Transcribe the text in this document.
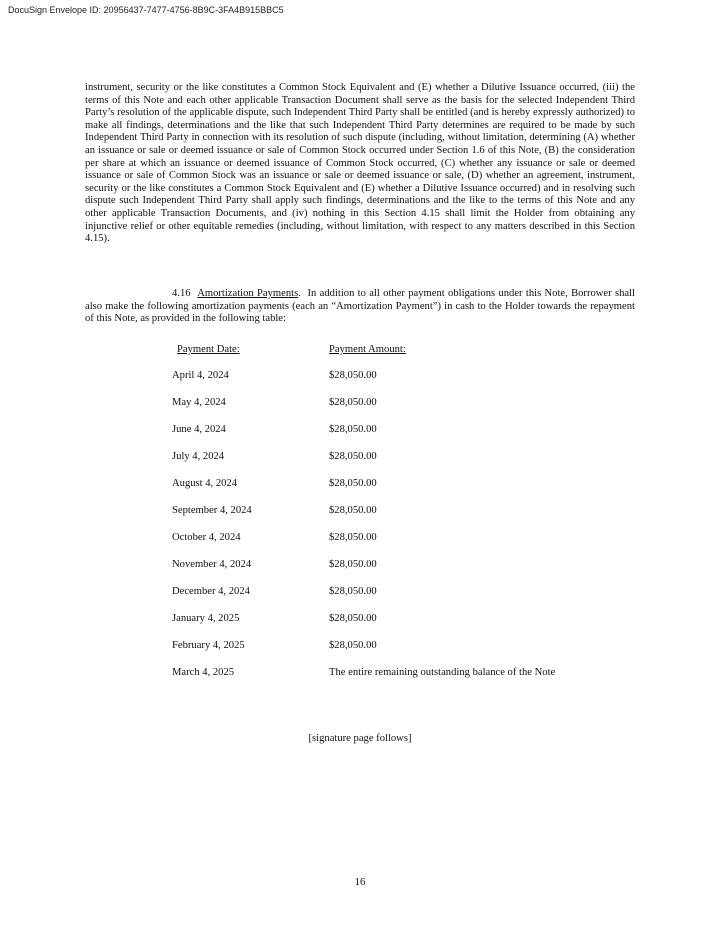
DocuSign Envelope ID: 20956437-7477-4756-8B9C-3FA4B915BBC5
instrument, security or the like constitutes a Common Stock Equivalent and (E) whether a Dilutive Issuance occurred, (iii) the terms of this Note and each other applicable Transaction Document shall serve as the basis for the selected Independent Third Party’s resolution of the applicable dispute, such Independent Third Party shall be entitled (and is hereby expressly authorized) to make all findings, determinations and the like that such Independent Third Party determines are required to be made by such Independent Third Party in connection with its resolution of such dispute (including, without limitation, determining (A) whether an issuance or sale or deemed issuance or sale of Common Stock occurred under Section 1.6 of this Note, (B) the consideration per share at which an issuance or deemed issuance of Common Stock occurred, (C) whether any issuance or sale or deemed issuance or sale of Common Stock was an issuance or sale or deemed issuance or sale, (D) whether an agreement, instrument, security or the like constitutes a Common Stock Equivalent and (E) whether a Dilutive Issuance occurred) and in resolving such dispute such Independent Third Party shall apply such findings, determinations and the like to the terms of this Note and any other applicable Transaction Documents, and (iv) nothing in this Section 4.15 shall limit the Holder from obtaining any injunctive relief or other equitable remedies (including, without limitation, with respect to any matters described in this Section 4.15).
4.16 Amortization Payments. In addition to all other payment obligations under this Note, Borrower shall also make the following amortization payments (each an “Amortization Payment”) in cash to the Holder towards the repayment of this Note, as provided in the following table:
Payment Date:	Payment Amount:
April 4, 2024	$28,050.00
May 4, 2024	$28,050.00
June 4, 2024	$28,050.00
July 4, 2024	$28,050.00
August 4, 2024	$28,050.00
September 4, 2024	$28,050.00
October 4, 2024	$28,050.00
November 4, 2024	$28,050.00
December 4, 2024	$28,050.00
January 4, 2025	$28,050.00
February 4, 2025	$28,050.00
March 4, 2025	The entire remaining outstanding balance of the Note
[signature page follows]
16
